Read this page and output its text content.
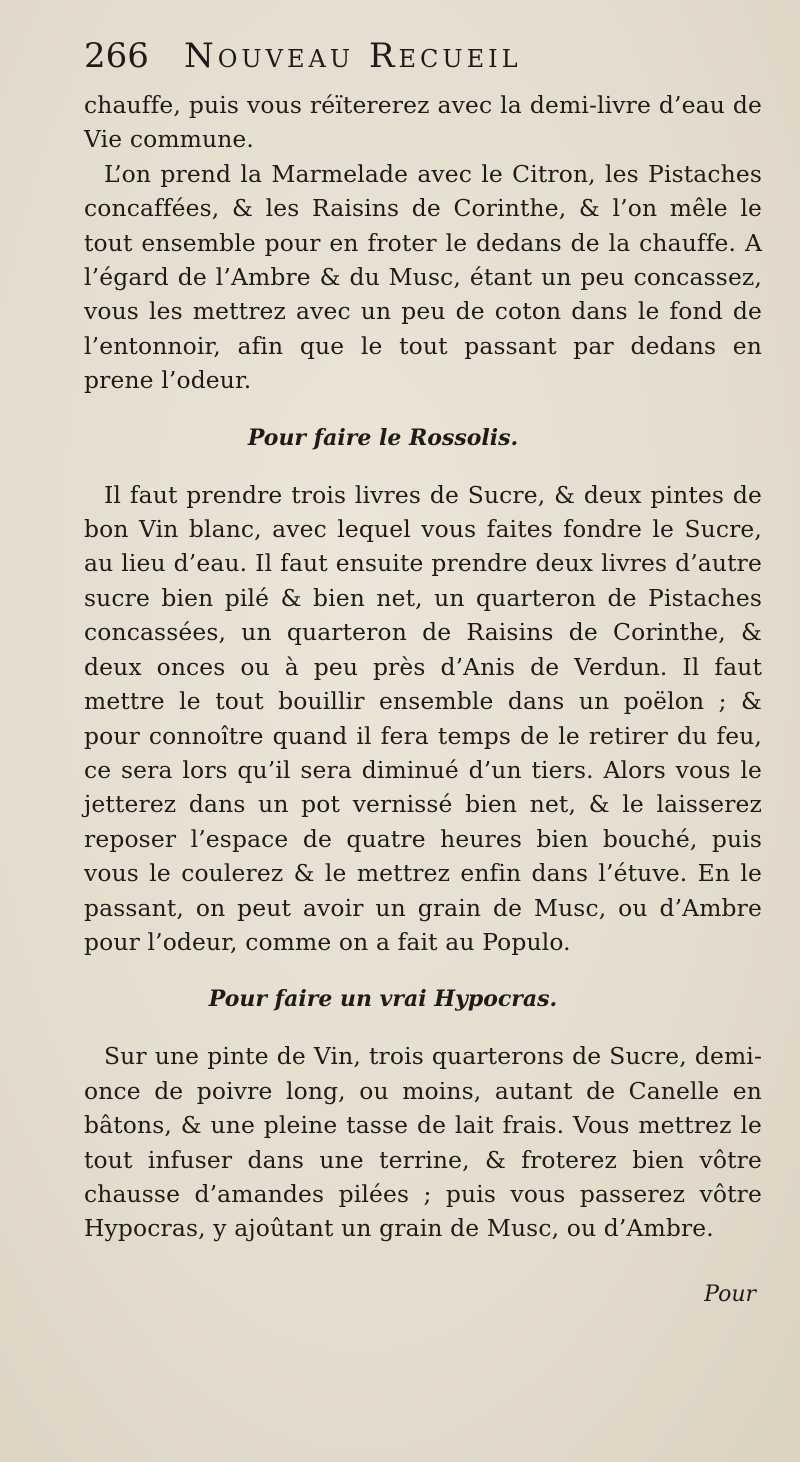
266	Nouveau Recueil

chauffe, puis vous réïtererez avec la demi-livre d’eau de Vie commune.

L’on prend la Marmelade avec le Citron, les Pistaches concaffées, & les Raisins de Corinthe, & l’on mêle le tout ensemble pour en froter le dedans de la chauffe. A l’égard de l’Ambre & du Musc, étant un peu concassez, vous les mettrez avec un peu de coton dans le fond de l’entonnoir, afin que le tout passant par dedans en prene l’odeur.

Pour faire le Rossolis.

Il faut prendre trois livres de Sucre, & deux pintes de bon Vin blanc, avec lequel vous faites fondre le Sucre, au lieu d’eau. Il faut ensuite prendre deux livres d’autre sucre bien pilé & bien net, un quarteron de Pistaches concassées, un quarteron de Raisins de Corinthe, & deux onces ou à peu près d’Anis de Verdun. Il faut mettre le tout bouillir ensemble dans un poëlon ; & pour connoître quand il fera temps de le retirer du feu, ce sera lors qu’il sera diminué d’un tiers. Alors vous le jetterez dans un pot vernissé bien net, & le laisserez reposer l’espace de quatre heures bien bouché, puis vous le coulerez & le mettrez enfin dans l’étuve. En le passant, on peut avoir un grain de Musc, ou d’Ambre pour l’odeur, comme on a fait au Populo.

Pour faire un vrai Hypocras.

Sur une pinte de Vin, trois quarterons de Sucre, demi-once de poivre long, ou moins, autant de Canelle en bâtons, & une pleine tasse de lait frais. Vous mettrez le tout infuser dans une terrine, & froterez bien vôtre chausse d’amandes pilées ; puis vous passerez vôtre Hypocras, y ajoûtant un grain de Musc, ou d’Ambre.

Pour
